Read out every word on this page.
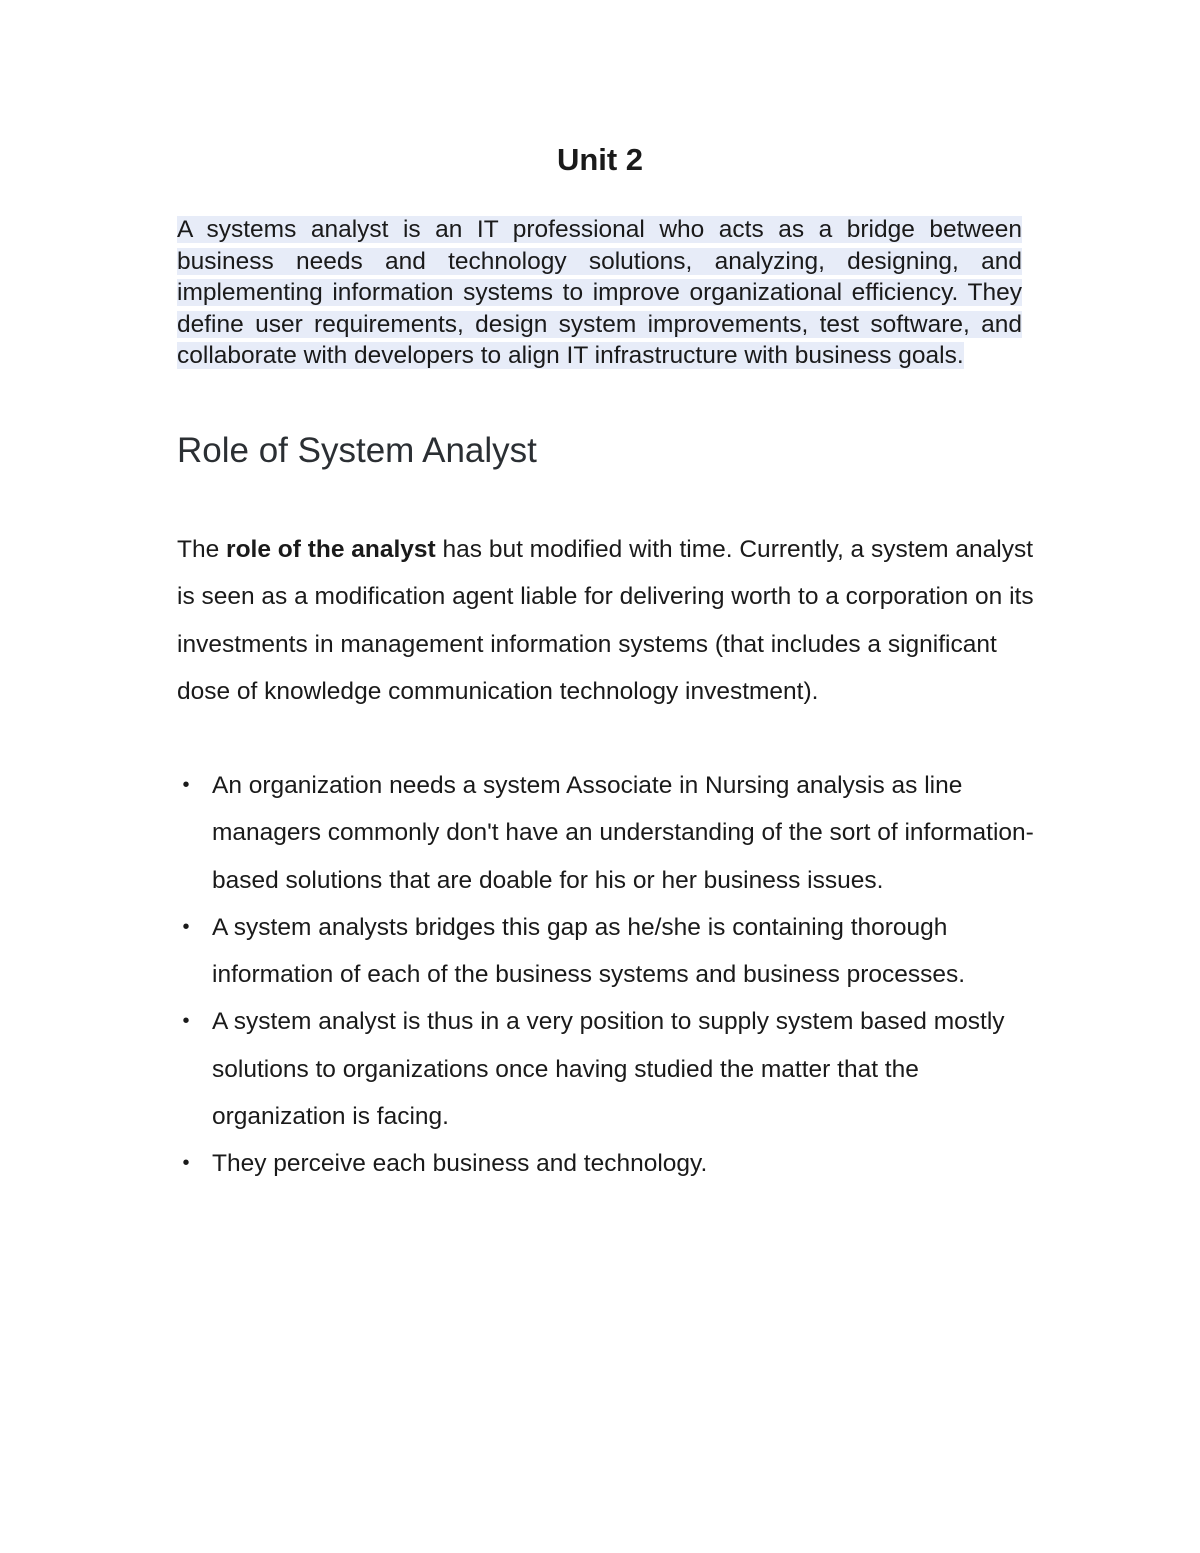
Unit 2

A systems analyst is an IT professional who acts as a bridge between business needs and technology solutions, analyzing, designing, and implementing information systems to improve organizational efficiency. They define user requirements, design system improvements, test software, and collaborate with developers to align IT infrastructure with business goals.

Role of System Analyst

The role of the analyst has but modified with time. Currently, a system analyst is seen as a modification agent liable for delivering worth to a corporation on its investments in management information systems (that includes a significant dose of knowledge communication technology investment).

• An organization needs a system Associate in Nursing analysis as line managers commonly don't have an understanding of the sort of information-based solutions that are doable for his or her business issues.
• A system analysts bridges this gap as he/she is containing thorough information of each of the business systems and business processes.
• A system analyst is thus in a very position to supply system based mostly solutions to organizations once having studied the matter that the organization is facing.
• They perceive each business and technology.
